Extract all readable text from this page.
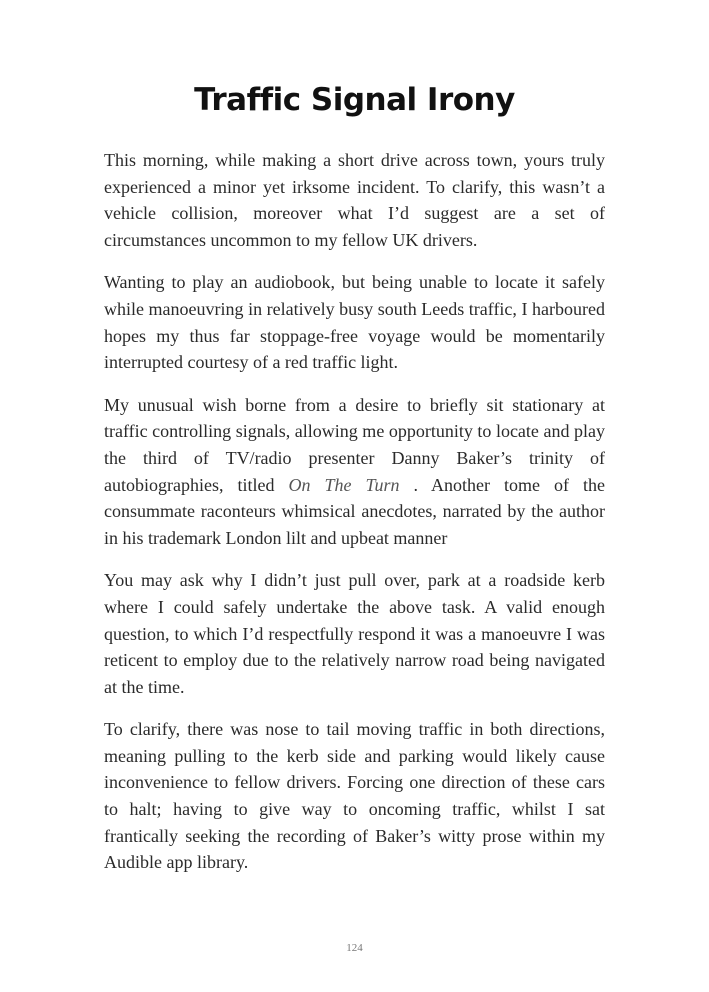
Traffic Signal Irony

This morning, while making a short drive across town, yours truly experienced a minor yet irksome incident. To clarify, this wasn’t a vehicle collision, moreover what I’d suggest are a set of circumstances uncommon to my fellow UK drivers.

Wanting to play an audiobook, but being unable to locate it safely while manoeuvring in relatively busy south Leeds traffic, I harboured hopes my thus far stoppage-free voyage would be momentarily interrupted courtesy of a red traffic light.

My unusual wish borne from a desire to briefly sit stationary at traffic controlling signals, allowing me opportunity to locate and play the third of TV/radio presenter Danny Baker’s trinity of autobiographies, titled On The Turn . Another tome of the consummate raconteurs whimsical anecdotes, narrated by the author in his trademark London lilt and upbeat manner

You may ask why I didn’t just pull over, park at a roadside kerb where I could safely undertake the above task. A valid enough question, to which I’d respectfully respond it was a manoeuvre I was reticent to employ due to the relatively narrow road being navigated at the time.

To clarify, there was nose to tail moving traffic in both directions, meaning pulling to the kerb side and parking would likely cause inconvenience to fellow drivers. Forcing one direction of these cars to halt; having to give way to oncoming traffic, whilst I sat frantically seeking the recording of Baker’s witty prose within my Audible app library.

124
